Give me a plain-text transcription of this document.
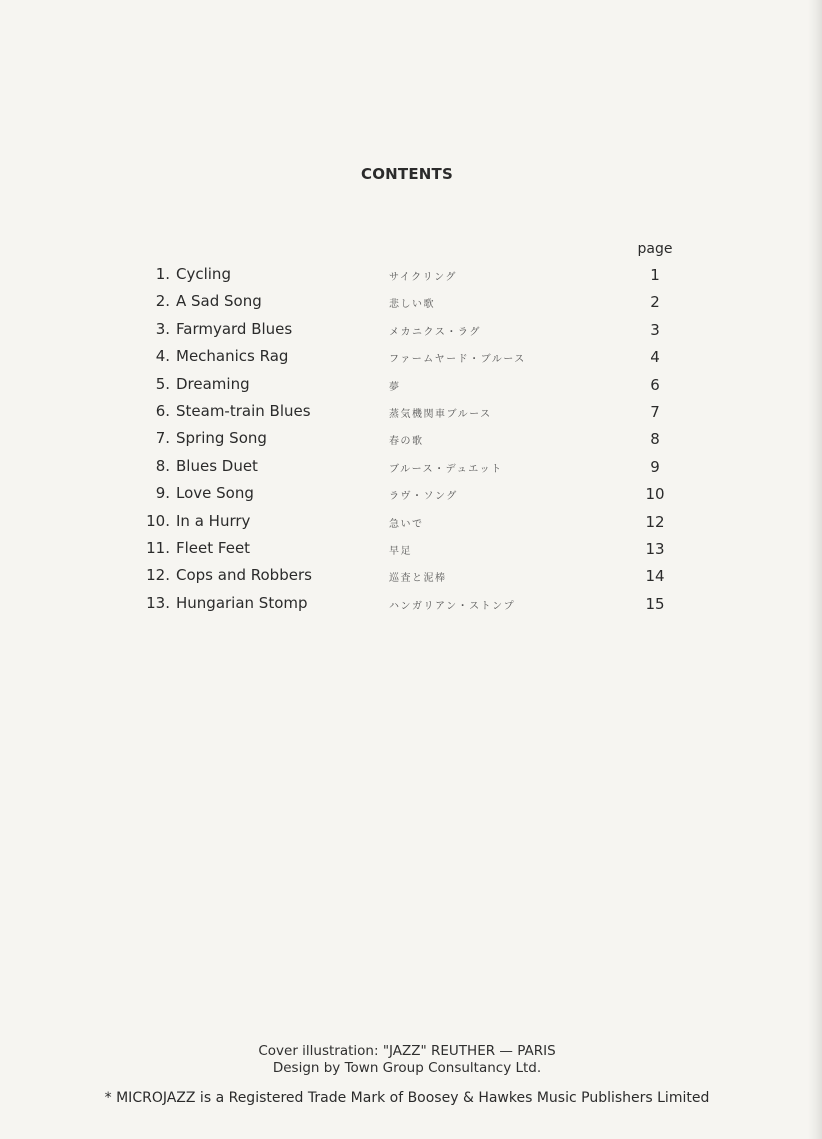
CONTENTS
page
1. Cycling	サイクリング	1
2. A Sad Song	悲しい歌	2
3. Farmyard Blues	メカニクス・ラグ	3
4. Mechanics Rag	ファームヤード・ブルース	4
5. Dreaming	夢	6
6. Steam-train Blues	蒸気機関車ブルース	7
7. Spring Song	春の歌	8
8. Blues Duet	ブルース・デュエット	9
9. Love Song	ラヴ・ソング	10
10. In a Hurry	急いで	12
11. Fleet Feet	早足	13
12. Cops and Robbers	巡査と泥棒	14
13. Hungarian Stomp	ハンガリアン・ストンプ	15
Cover illustration: "JAZZ" REUTHER — PARIS
Design by Town Group Consultancy Ltd.
* MICROJAZZ is a Registered Trade Mark of Boosey & Hawkes Music Publishers Limited
